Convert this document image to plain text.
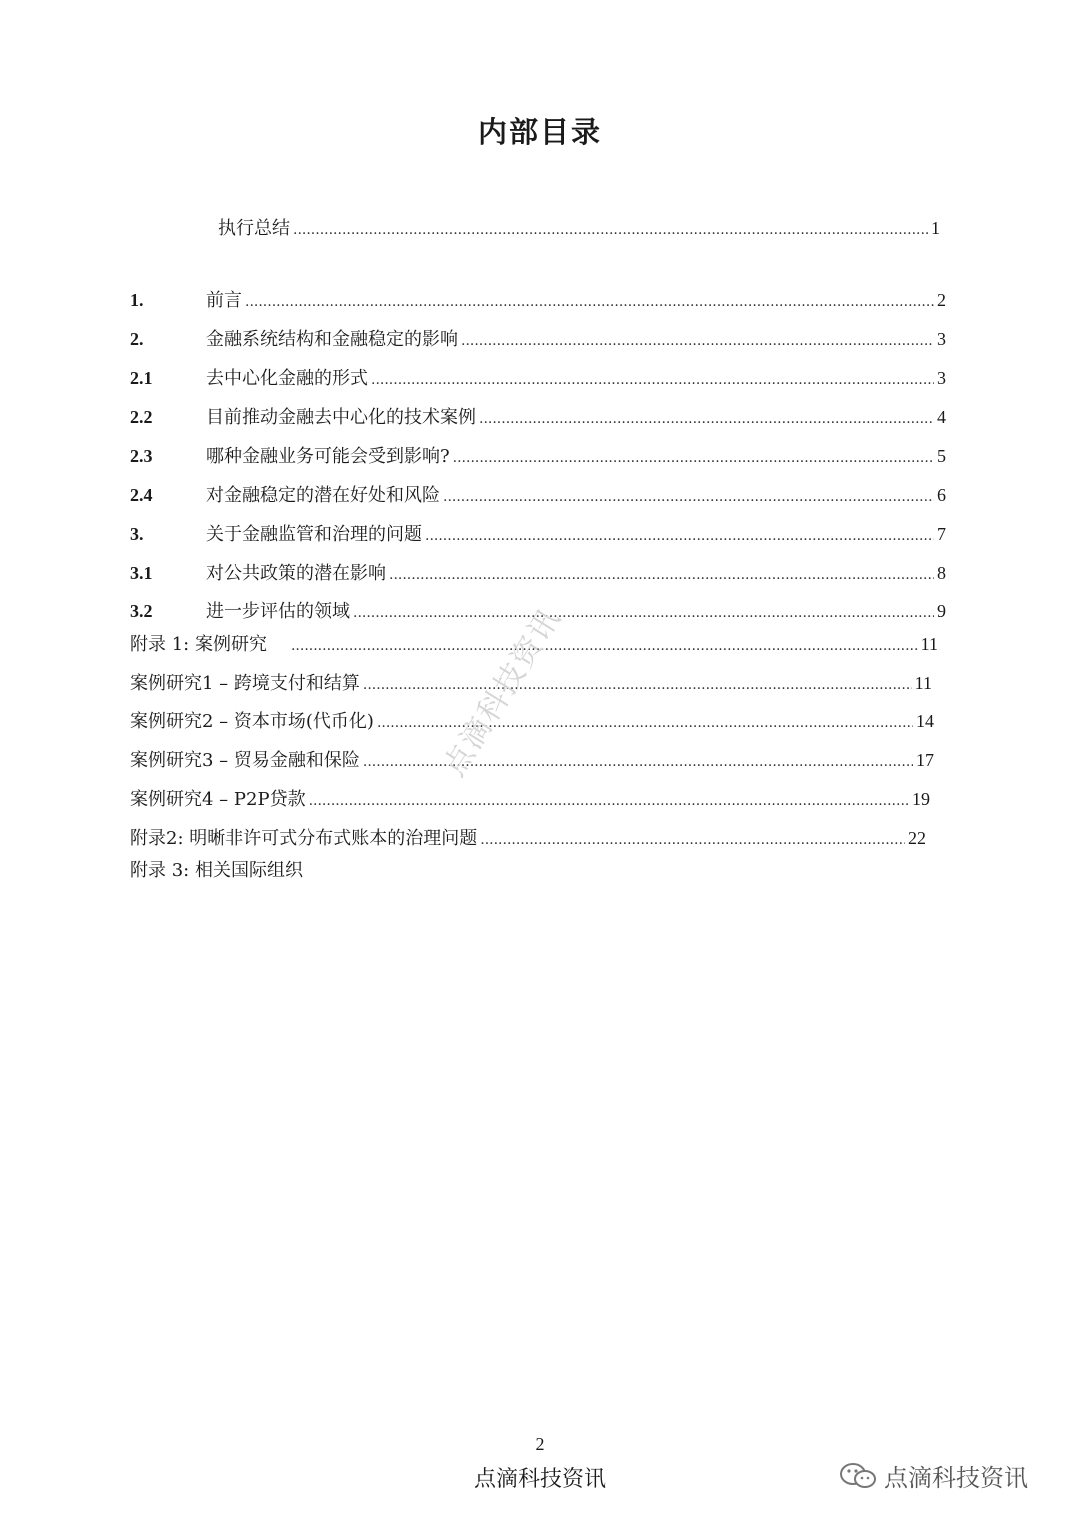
内部目录
执行总结 .....	1
1.	前言 .....	2
2.	金融系统结构和金融稳定的影响 .....	3
2.1	去中心化金融的形式 .....	3
2.2	目前推动金融去中心化的技术案例 .....	4
2.3	哪种金融业务可能会受到影响? .....	5
2.4	对金融稳定的潜在好处和风险 .....	6
3.	关于金融监管和治理的问题 .....	7
3.1	对公共政策的潜在影响 .....	8
3.2	进一步评估的领域 .....	9
附录 1: 案例研究 .....	11
案例研究1 – 跨境支付和结算 .....	11
案例研究2 – 资本市场(代币化) .....	14
案例研究3 – 贸易金融和保险 .....	17
案例研究4 – P2P贷款 .....	19
附录2: 明晰非许可式分布式账本的治理问题 .....	22
附录 3: 相关国际组织
点滴科技资讯
2
点滴科技资讯	点滴科技资讯
